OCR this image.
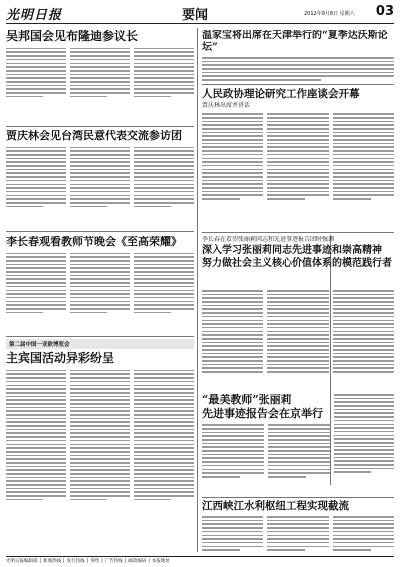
光明日报	要闻	2012年9月8日 星期六 03
吴邦国会见布隆迪参议长
贾庆林会见台湾民意代表交流参访团
李长春观看教师节晚会《至高荣耀》
第二届中国一亚欧博览会
主宾国活动异彩纷呈
温家宝将出席在天津举行的“夏季达沃斯论坛”
人民政协理论研究工作座谈会开幕
贾庆林出席并讲话
李长春在看望张丽莉同志和先进事迹报告团时强调
深入学习张丽莉同志先进事迹和崇高精神
努力做社会主义核心价值体系的模范践行者
“最美教师”张丽莉
先进事迹报告会在京举行
江西峡江水利枢纽工程实现截流
光明日报编辑部 │ 新闻热线 │ 发行热线 │ 零售 │ 广告热线 │ 邮政编码 │ 本报地址
